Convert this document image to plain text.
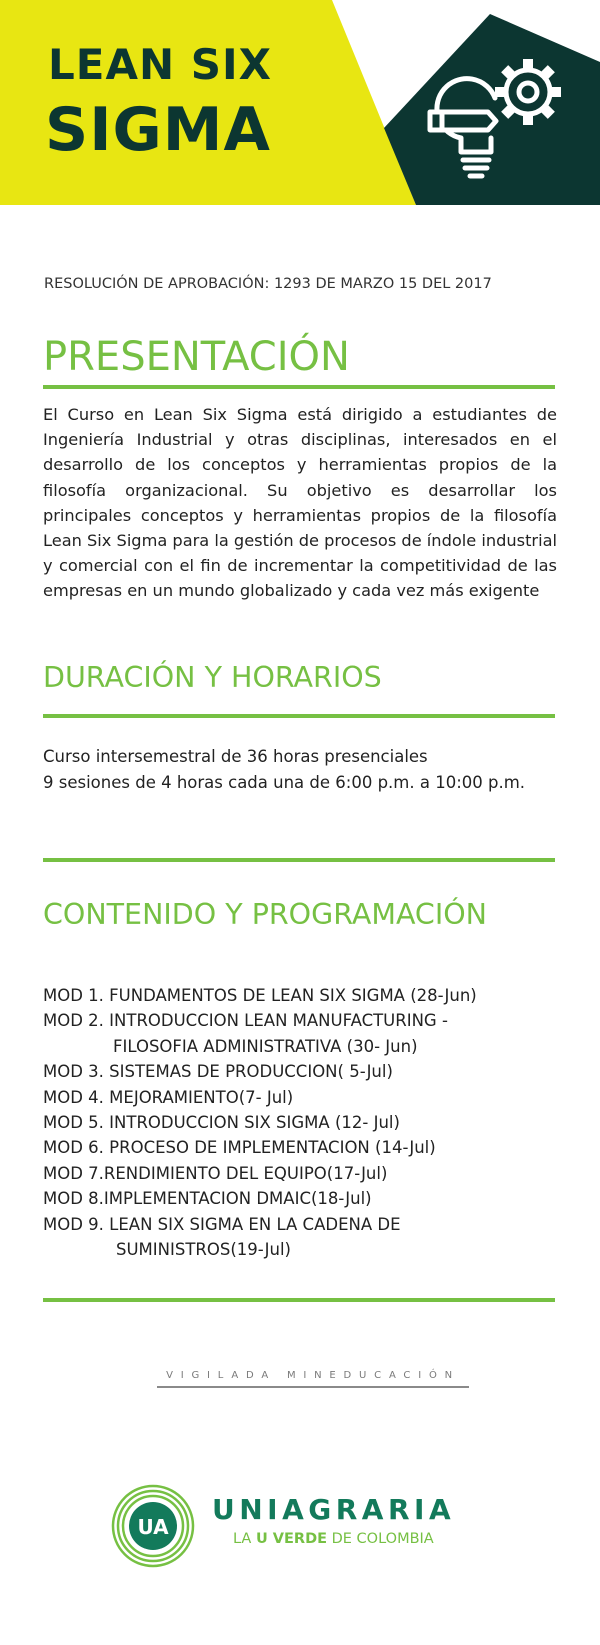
LEAN SIX
SIGMA
RESOLUCIÓN DE APROBACIÓN: 1293 DE MARZO 15 DEL 2017
PRESENTACIÓN
El Curso en Lean Six Sigma está dirigido a estudiantes de Ingeniería Industrial y otras disciplinas, interesados en el desarrollo de los conceptos y herramientas propios de la filosofía organizacional. Su objetivo es desarrollar los principales conceptos y herramientas propios de la filosofía Lean Six Sigma para la gestión de procesos de índole industrial y comercial con el fin de incrementar la competitividad de las empresas en un mundo globalizado y cada vez más exigente
DURACIÓN Y HORARIOS
Curso intersemestral de 36 horas presenciales
9 sesiones de 4 horas cada una de 6:00 p.m. a 10:00 p.m.
CONTENIDO Y PROGRAMACIÓN
MOD 1. FUNDAMENTOS DE LEAN SIX SIGMA (28-Jun)
MOD 2. INTRODUCCION LEAN MANUFACTURING -
FILOSOFIA ADMINISTRATIVA (30- Jun)
MOD 3. SISTEMAS DE PRODUCCION( 5-Jul)
MOD 4. MEJORAMIENTO(7- Jul)
MOD 5. INTRODUCCION SIX SIGMA (12- Jul)
MOD 6. PROCESO DE IMPLEMENTACION (14-Jul)
MOD 7.RENDIMIENTO DEL EQUIPO(17-Jul)
MOD 8.IMPLEMENTACION DMAIC(18-Jul)
MOD 9. LEAN SIX SIGMA EN LA CADENA DE
SUMINISTROS(19-Jul)
VIGILADA MINEDUCACIÓN
UA
UNIAGRARIA
LA U VERDE DE COLOMBIA
